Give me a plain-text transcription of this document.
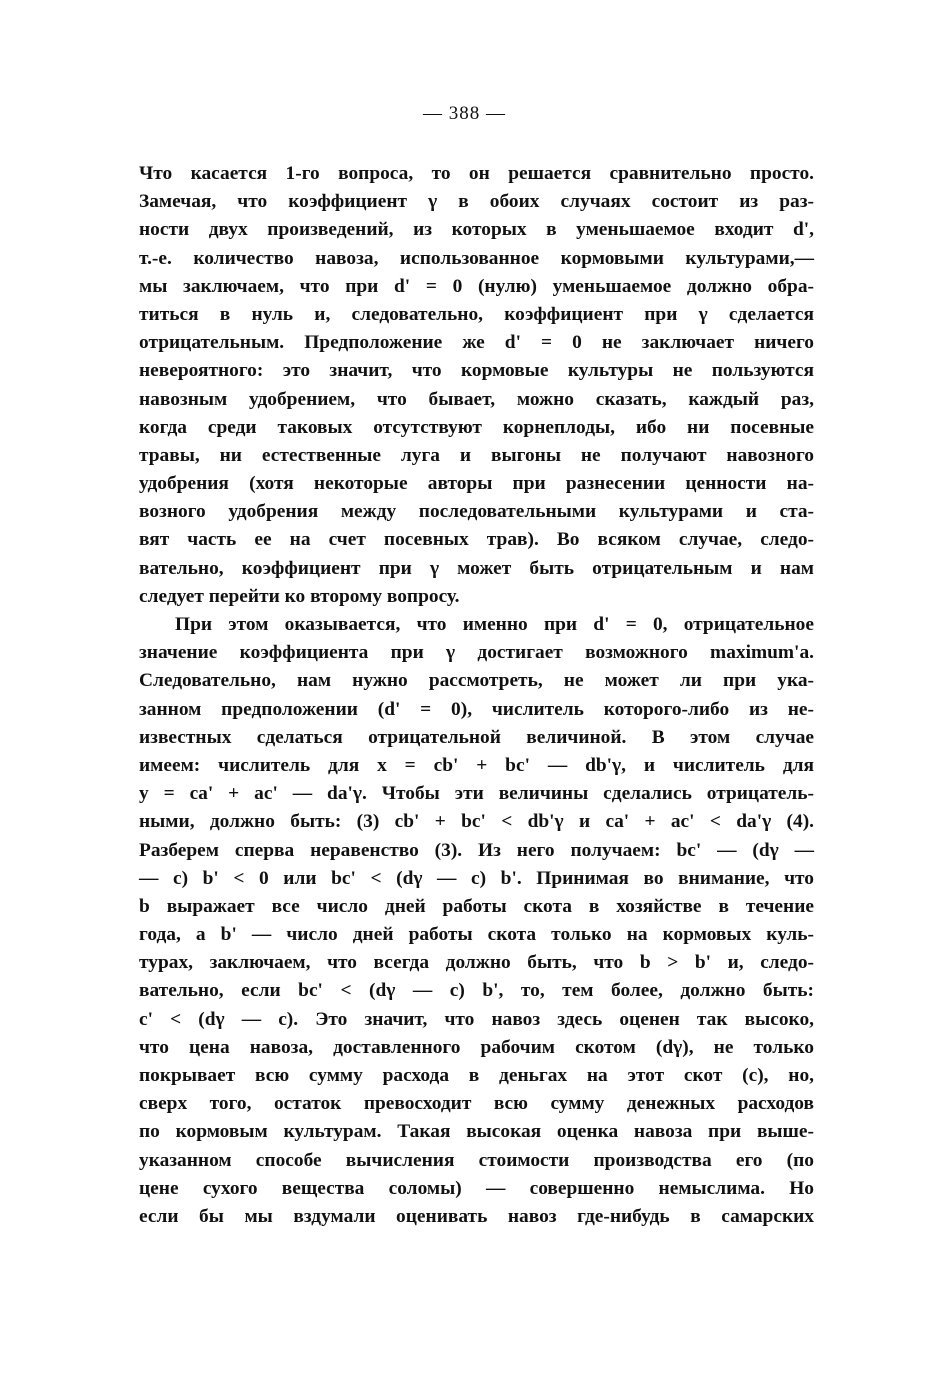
— 388 —
Что касается 1-го вопроса, то он решается сравнительно просто.
Замечая, что коэффициент γ в обоих случаях состоит из раз-
ности двух произведений, из которых в уменьшаемое входит d',
т.-е. количество навоза, использованное кормовыми культурами,—
мы заключаем, что при d' = 0 (нулю) уменьшаемое должно обра-
титься в нуль и, следовательно, коэффициент при γ сделается
отрицательным. Предположение же d' = 0 не заключает ничего
невероятного: это значит, что кормовые культуры не пользуются
навозным удобрением, что бывает, можно сказать, каждый раз,
когда среди таковых отсутствуют корнеплоды, ибо ни посевные
травы, ни естественные луга и выгоны не получают навозного
удобрения (хотя некоторые авторы при разнесении ценности на-
возного удобрения между последовательными культурами и ста-
вят часть ее на счет посевных трав). Во всяком случае, следо-
вательно, коэффициент при γ может быть отрицательным и нам
следует перейти ко второму вопросу.
При этом оказывается, что именно при d' = 0, отрицательное
значение коэффициента при γ достигает возможного maximum'а.
Следовательно, нам нужно рассмотреть, не может ли при ука-
занном предположении (d' = 0), числитель которого-либо из не-
известных сделаться отрицательной величиной. В этом случае
имеем: числитель для x = cb' + bc' — db'γ, и числитель для
y = ca' + ac' — da'γ. Чтобы эти величины сделались отрицатель-
ными, должно быть: (3) cb' + bc' < db'γ и ca' + ac' < da'γ (4).
Разберем сперва неравенство (3). Из него получаем: bc' — (dγ —
— c) b' < 0 или bc' < (dγ — c) b'. Принимая во внимание, что
b выражает все число дней работы скота в хозяйстве в течение
года, а b' — число дней работы скота только на кормовых куль-
турах, заключаем, что всегда должно быть, что b > b' и, следо-
вательно, если bc' < (dγ — c) b', то, тем более, должно быть:
c' < (dγ — c). Это значит, что навоз здесь оценен так высоко,
что цена навоза, доставленного рабочим скотом (dγ), не только
покрывает всю сумму расхода в деньгах на этот скот (c), но,
сверх того, остаток превосходит всю сумму денежных расходов
по кормовым культурам. Такая высокая оценка навоза при выше-
указанном способе вычисления стоимости производства его (по
цене сухого вещества соломы) — совершенно немыслима. Но
если бы мы вздумали оценивать навоз где-нибудь в самарских
